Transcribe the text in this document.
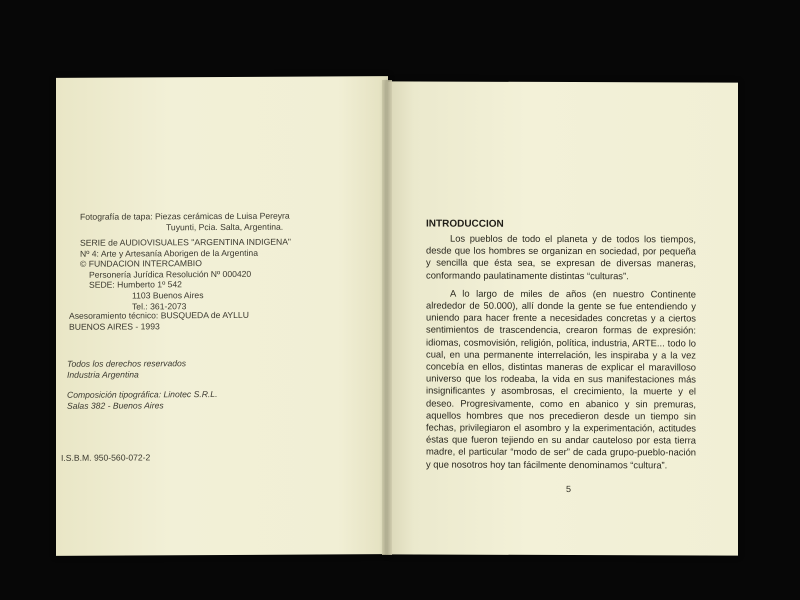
Fotografía de tapa: Piezas cerámicas de Luisa Pereyra
Tuyunti, Pcia. Salta, Argentina.
SERIE de AUDIOVISUALES "ARGENTINA INDIGENA"
Nº 4: Arte y Artesanía Aborigen de la Argentina
© FUNDACION INTERCAMBIO
Personería Jurídica Resolución Nº 000420
SEDE: Humberto 1º 542
1103 Buenos Aires
Tel.: 361-2073
Asesoramiento técnico: BUSQUEDA de AYLLU
BUENOS AIRES - 1993
Todos los derechos reservados
Industria Argentina
Composición tipográfica: Linotec S.R.L.
Salas 382 - Buenos Aires
I.S.B.M. 950-560-072-2
INTRODUCCION

Los pueblos de todo el planeta y de todos los tiempos, desde que los hombres se organizan en sociedad, por pequeña y sencilla que ésta sea, se expresan de diversas maneras, conformando paulatinamente distintas “culturas”.

A lo largo de miles de años (en nuestro Continente alrededor de 50.000), allí donde la gente se fue entendiendo y uniendo para hacer frente a necesidades concretas y a ciertos sentimientos de trascendencia, crearon formas de expresión: idiomas, cosmovisión, religión, política, industria, ARTE... todo lo cual, en una permanente interrelación, les inspiraba y a la vez concebía en ellos, distintas maneras de explicar el maravilloso universo que los rodeaba, la vida en sus manifestaciones más insignificantes y asombrosas, el crecimiento, la muerte y el deseo. Progresivamente, como en abanico y sin premuras, aquellos hombres que nos precedieron desde un tiempo sin fechas, privilegiaron el asombro y la experimentación, actitudes éstas que fueron tejiendo en su andar cauteloso por esta tierra madre, el particular “modo de ser” de cada grupo-pueblo-nación y que nosotros hoy tan fácilmente denominamos “cultura”.

5
